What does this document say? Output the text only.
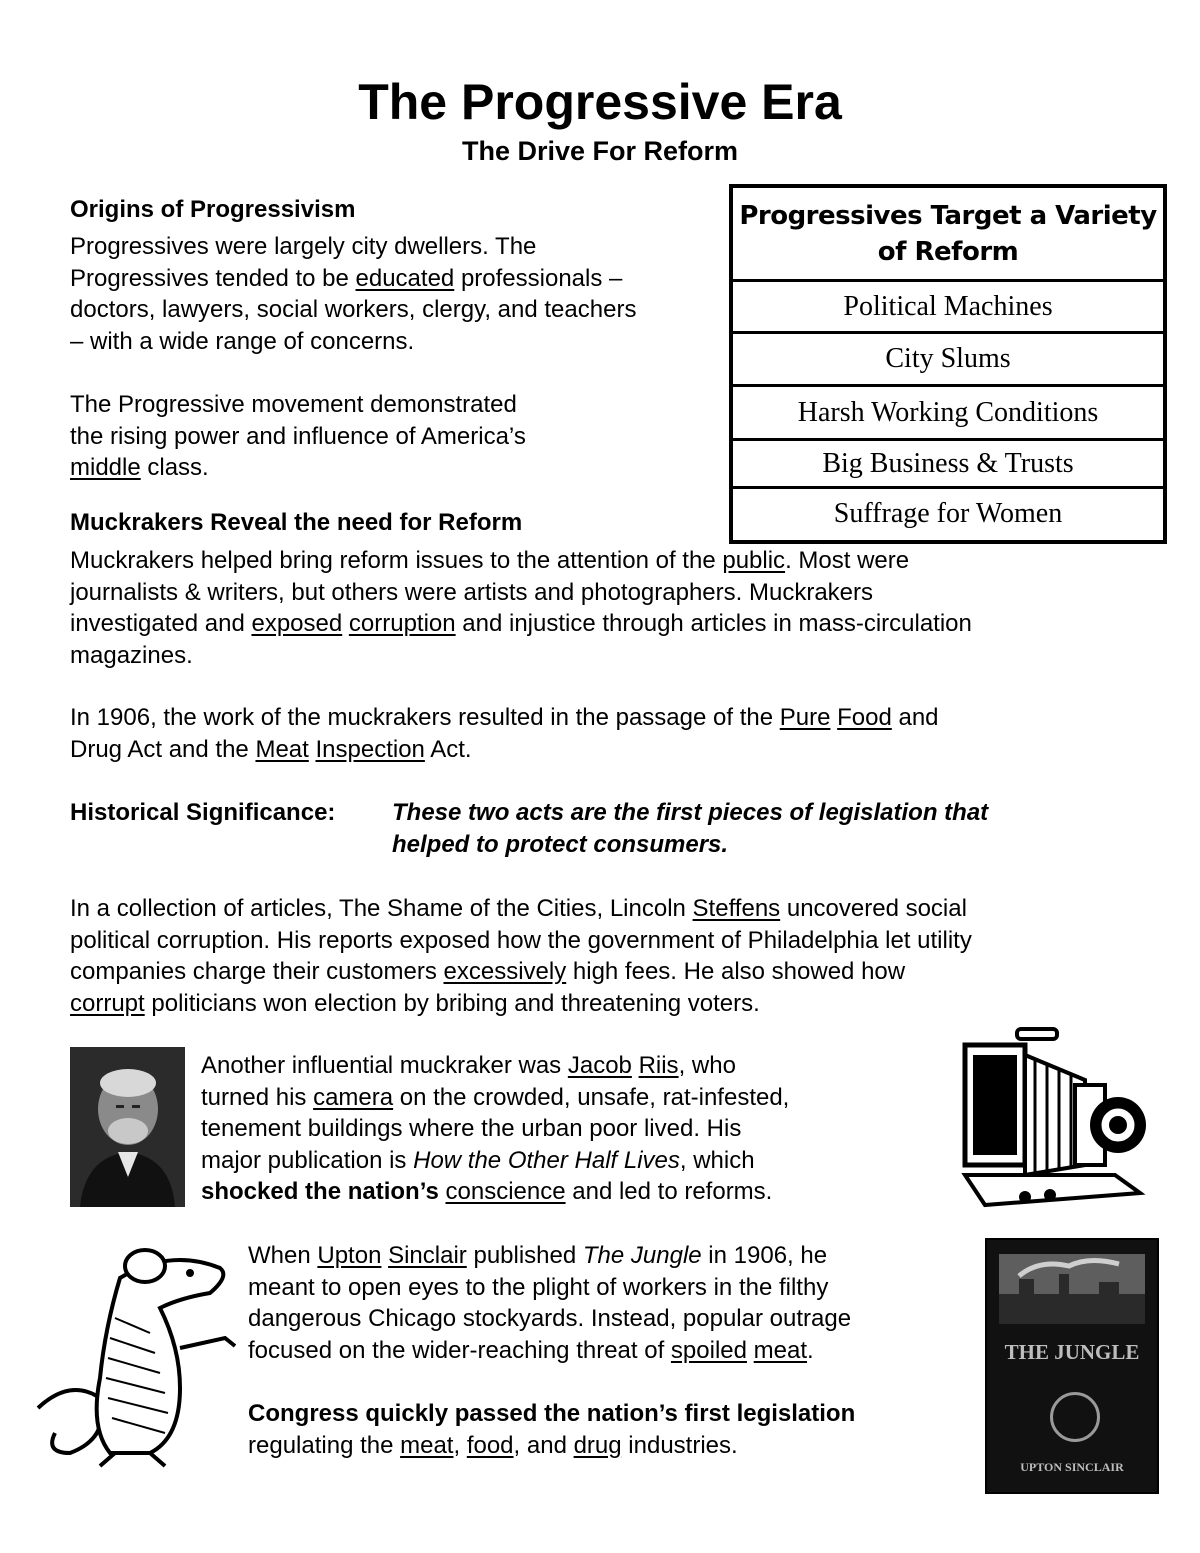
The Progressive Era
The Drive For Reform
Origins of Progressivism
Progressives were largely city dwellers. The
Progressives tended to be educated professionals –
doctors, lawyers, social workers, clergy, and teachers
– with a wide range of concerns.
The Progressive movement demonstrated
the rising power and influence of America’s
middle class.
Progressives Target a Variety
of Reform
Political Machines
City Slums
Harsh Working Conditions
Big Business & Trusts
Suffrage for Women
Muckrakers Reveal the need for Reform
Muckrakers helped bring reform issues to the attention of the public. Most were
journalists & writers, but others were artists and photographers. Muckrakers
investigated and exposed corruption and injustice through articles in mass-circulation
magazines.
In 1906, the work of the muckrakers resulted in the passage of the Pure Food and
Drug Act and the Meat Inspection Act.
Historical Significance: These two acts are the first pieces of legislation that
helped to protect consumers.
In a collection of articles, The Shame of the Cities, Lincoln Steffens uncovered social
political corruption. His reports exposed how the government of Philadelphia let utility
companies charge their customers excessively high fees. He also showed how
corrupt politicians won election by bribing and threatening voters.
Another influential muckraker was Jacob Riis, who
turned his camera on the crowded, unsafe, rat-infested,
tenement buildings where the urban poor lived. His
major publication is How the Other Half Lives, which
shocked the nation’s conscience and led to reforms.
When Upton Sinclair published The Jungle in 1906, he
meant to open eyes to the plight of workers in the filthy
dangerous Chicago stockyards. Instead, popular outrage
focused on the wider-reaching threat of spoiled meat.
Congress quickly passed the nation’s first legislation
regulating the meat, food, and drug industries.
THE JUNGLE
UPTON SINCLAIR
